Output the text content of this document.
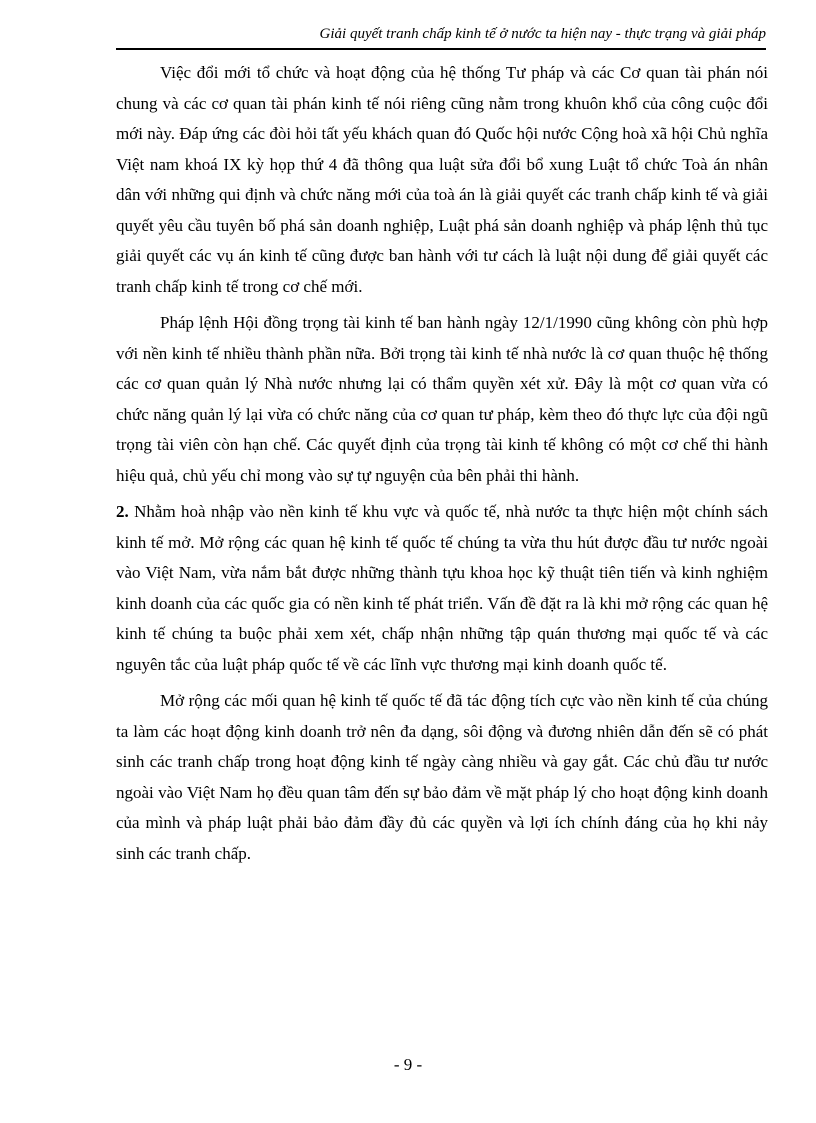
Giải quyết tranh chấp kinh tế ở nước ta hiện nay - thực trạng và giải pháp

Việc đổi mới tổ chức và hoạt động của hệ thống Tư pháp và các Cơ quan tài phán nói chung và các cơ quan tài phán kinh tế nói riêng cũng nằm trong khuôn khổ của công cuộc đổi mới này. Đáp ứng các đòi hỏi tất yếu khách quan đó Quốc hội nước Cộng hoà xã hội Chủ nghĩa Việt nam khoá IX kỳ họp thứ 4 đã thông qua luật sửa đổi bổ xung Luật tổ chức Toà án nhân dân với những qui định và chức năng mới của toà án là giải quyết các tranh chấp kinh tế và giải quyết yêu cầu tuyên bố phá sản doanh nghiệp, Luật phá sản doanh nghiệp và pháp lệnh thủ tục giải quyết các vụ án kinh tế cũng được ban hành với tư cách là luật nội dung để giải quyết các tranh chấp kinh tế trong cơ chế mới.

Pháp lệnh Hội đồng trọng tài kinh tế ban hành ngày 12/1/1990 cũng không còn phù hợp với nền kinh tế nhiều thành phần nữa. Bởi trọng tài kinh tế nhà nước là cơ quan thuộc hệ thống các cơ quan quản lý Nhà nước nhưng lại có thẩm quyền xét xử. Đây là một cơ quan vừa có chức năng quản lý lại vừa có chức năng của cơ quan tư pháp, kèm theo đó thực lực của đội ngũ trọng tài viên còn hạn chế. Các quyết định của trọng tài kinh tế không có một cơ chế thi hành hiệu quả, chủ yếu chỉ mong vào sự tự nguyện của bên phải thi hành.

2. Nhằm hoà nhập vào nền kinh tế khu vực và quốc tế, nhà nước ta thực hiện một chính sách kinh tế mở. Mở rộng các quan hệ kinh tế quốc tế chúng ta vừa thu hút được đầu tư nước ngoài vào Việt Nam, vừa nắm bắt được những thành tựu khoa học kỹ thuật tiên tiến và kinh nghiệm kinh doanh của các quốc gia có nền kinh tế phát triển. Vấn đề đặt ra là khi mở rộng các quan hệ kinh tế chúng ta buộc phải xem xét, chấp nhận những tập quán thương mại quốc tế và các nguyên tắc của luật pháp quốc tế về các lĩnh vực thương mại kinh doanh quốc tế.

Mở rộng các mối quan hệ kinh tế quốc tế đã tác động tích cực vào nền kinh tế của chúng ta làm các hoạt động kinh doanh trở nên đa dạng, sôi động và đương nhiên dẫn đến sẽ có phát sinh các tranh chấp trong hoạt động kinh tế ngày càng nhiều và gay gắt. Các chủ đầu tư nước ngoài vào Việt Nam họ đều quan tâm đến sự bảo đảm về mặt pháp lý cho hoạt động kinh doanh của mình và pháp luật phải bảo đảm đầy đủ các quyền và lợi ích chính đáng của họ khi nảy sinh các tranh chấp.

- 9 -
